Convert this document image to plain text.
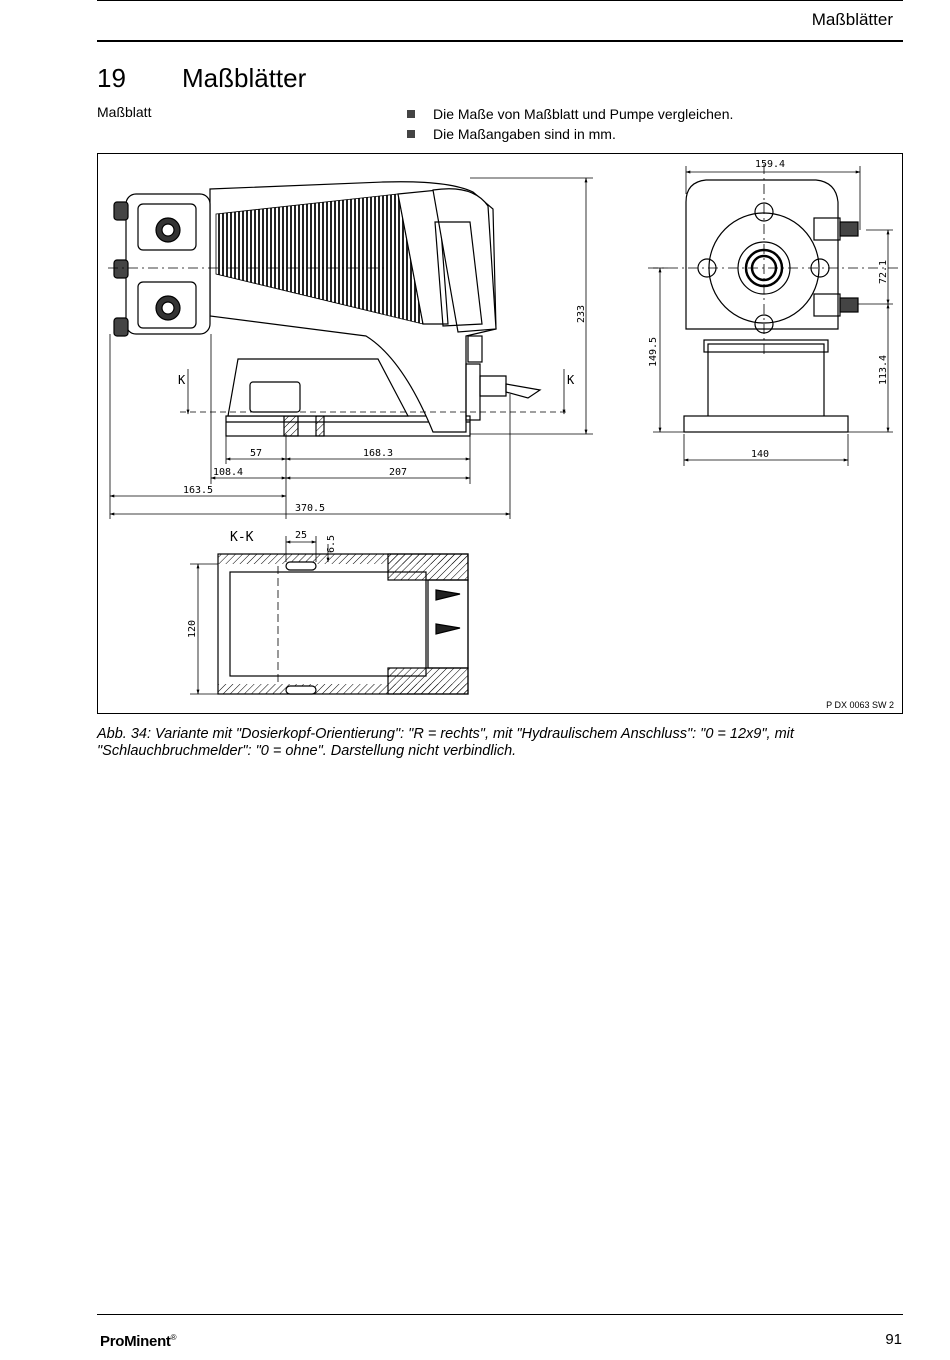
Maßblätter
19 Maßblätter
Maßblatt	Die Maße von Maßblatt und Pumpe vergleichen.
Die Maßangaben sind in mm.
233
57	168.3
108.4	207
163.5
370.5
K	K
159.4
72.1
113.4
149.5
140
K-K	25 6.5
120
P DX 0063 SW 2
Abb. 34: Variante mit "Dosierkopf-Orientierung": "R = rechts", mit "Hydraulischem Anschluss": "0 = 12x9", mit "Schlauchbruchmelder": "0 = ohne". Darstellung nicht verbindlich.
ProMinent®	91
